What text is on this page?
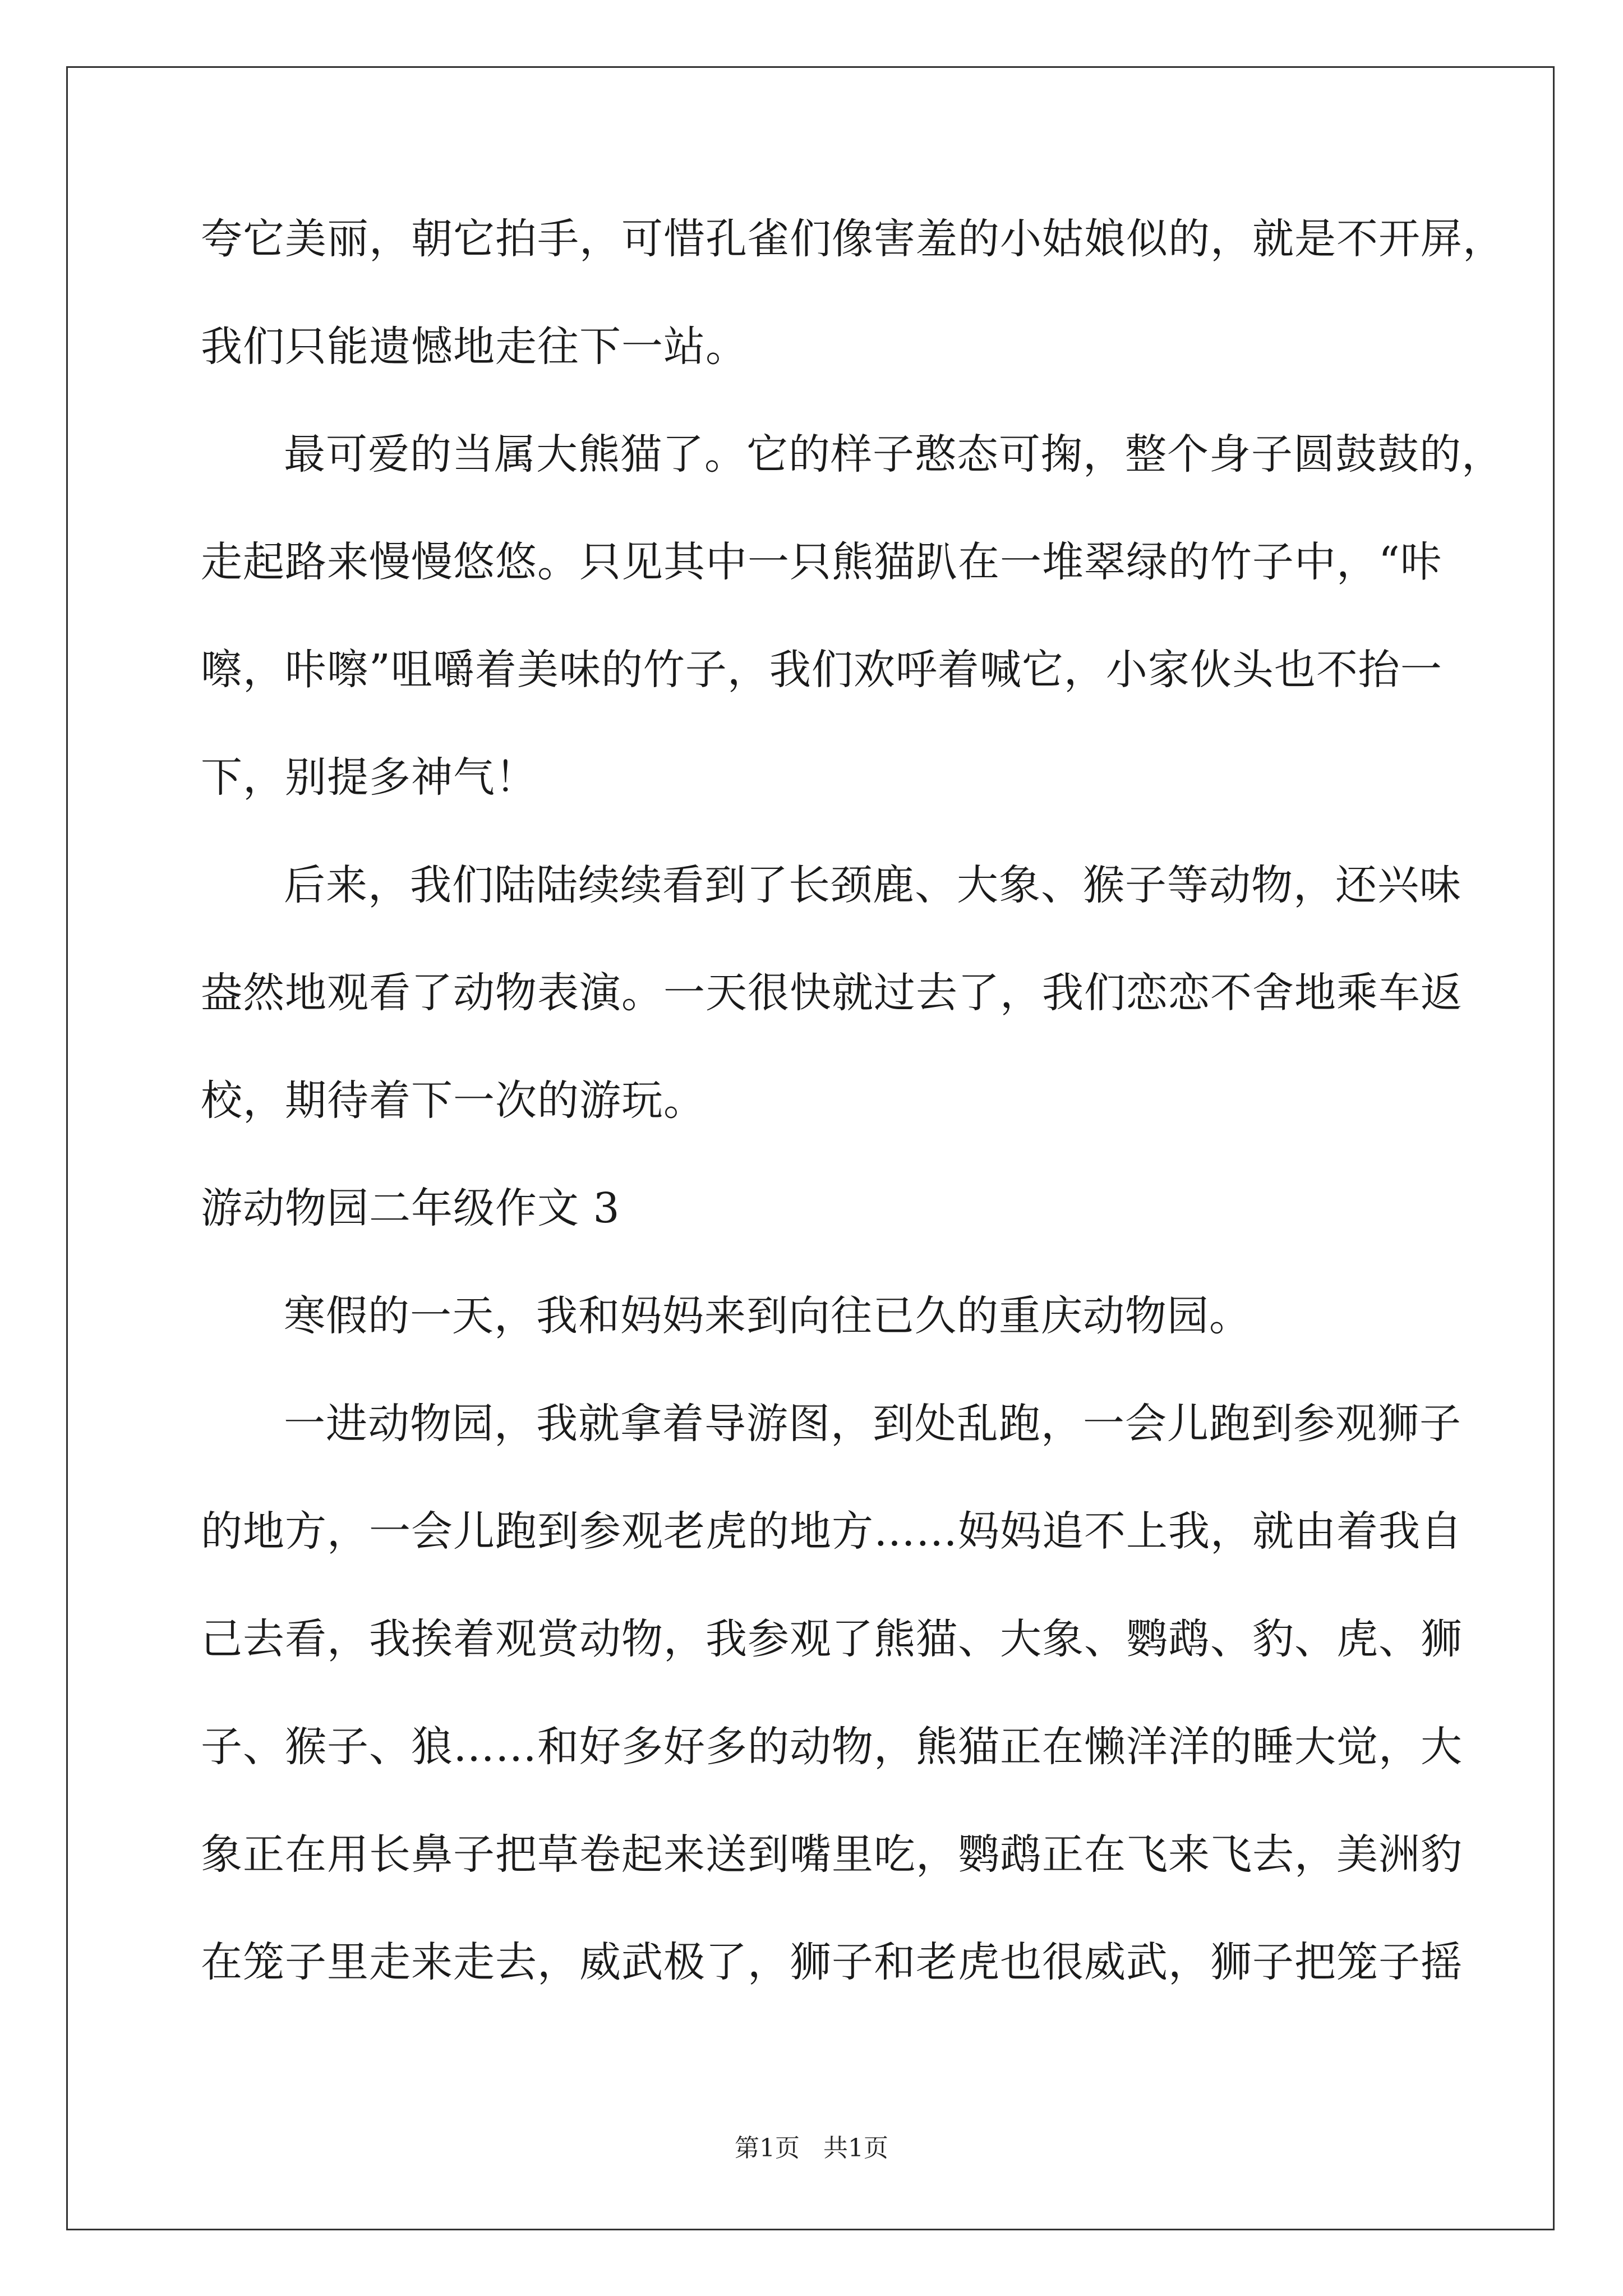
夸它美丽，朝它拍手，可惜孔雀们像害羞的小姑娘似的，就是不开屏，
我们只能遗憾地走往下一站。
最可爱的当属大熊猫了。它的样子憨态可掬，整个身子圆鼓鼓的，
走起路来慢慢悠悠。只见其中一只熊猫趴在一堆翠绿的竹子中，“咔
嚓，咔嚓”咀嚼着美味的竹子，我们欢呼着喊它，小家伙头也不抬一
下，别提多神气！
后来，我们陆陆续续看到了长颈鹿、大象、猴子等动物，还兴味
盎然地观看了动物表演。一天很快就过去了，我们恋恋不舍地乘车返
校，期待着下一次的游玩。
游动物园二年级作文 3
寒假的一天，我和妈妈来到向往已久的重庆动物园。
一进动物园，我就拿着导游图，到处乱跑，一会儿跑到参观狮子
的地方，一会儿跑到参观老虎的地方……妈妈追不上我，就由着我自
己去看，我挨着观赏动物，我参观了熊猫、大象、鹦鹉、豹、虎、狮
子、猴子、狼……和好多好多的动物，熊猫正在懒洋洋的睡大觉，大
象正在用长鼻子把草卷起来送到嘴里吃，鹦鹉正在飞来飞去，美洲豹
在笼子里走来走去，威武极了，狮子和老虎也很威武，狮子把笼子摇
第1页 共1页
